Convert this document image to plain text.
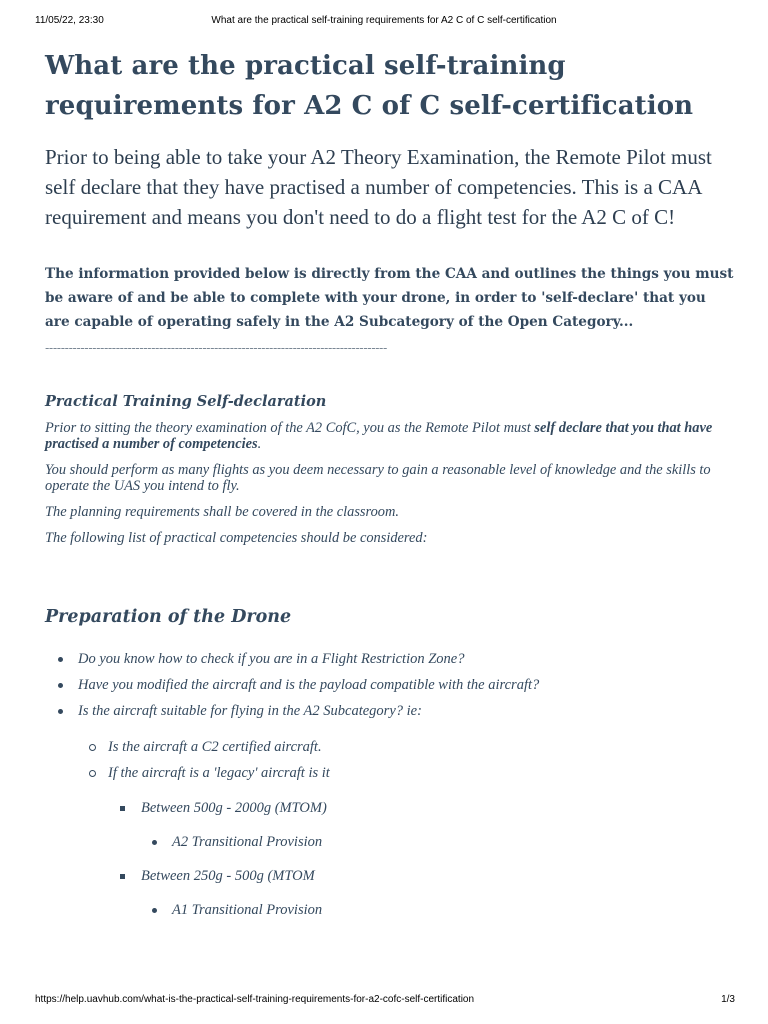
11/05/22, 23:30	What are the practical self-training requirements for A2 C of C self-certification
What are the practical self-training requirements for A2 C of C self-certification

Prior to being able to take your A2 Theory Examination, the Remote Pilot must self declare that they have practised a number of competencies. This is a CAA requirement and means you don't need to do a flight test for the A2 C of C!

The information provided below is directly from the CAA and outlines the things you must be aware of and be able to complete with your drone, in order to 'self-declare' that you are capable of operating safely in the A2 Subcategory of the Open Category...

---------------------------------------------------------------------------------------

Practical Training Self-declaration

Prior to sitting the theory examination of the A2 CofC, you as the Remote Pilot must self declare that you that have practised a number of competencies.

You should perform as many flights as you deem necessary to gain a reasonable level of knowledge and the skills to operate the UAS you intend to fly.

The planning requirements shall be covered in the classroom.

The following list of practical competencies should be considered:

Preparation of the Drone
Do you know how to check if you are in a Flight Restriction Zone?
Have you modified the aircraft and is the payload compatible with the aircraft?
Is the aircraft suitable for flying in the A2 Subcategory? ie:
Is the aircraft a C2 certified aircraft.
If the aircraft is a 'legacy' aircraft is it
Between 500g - 2000g (MTOM)
A2 Transitional Provision
Between 250g - 500g (MTOM
A1 Transitional Provision
https://help.uavhub.com/what-is-the-practical-self-training-requirements-for-a2-cofc-self-certification	1/3
